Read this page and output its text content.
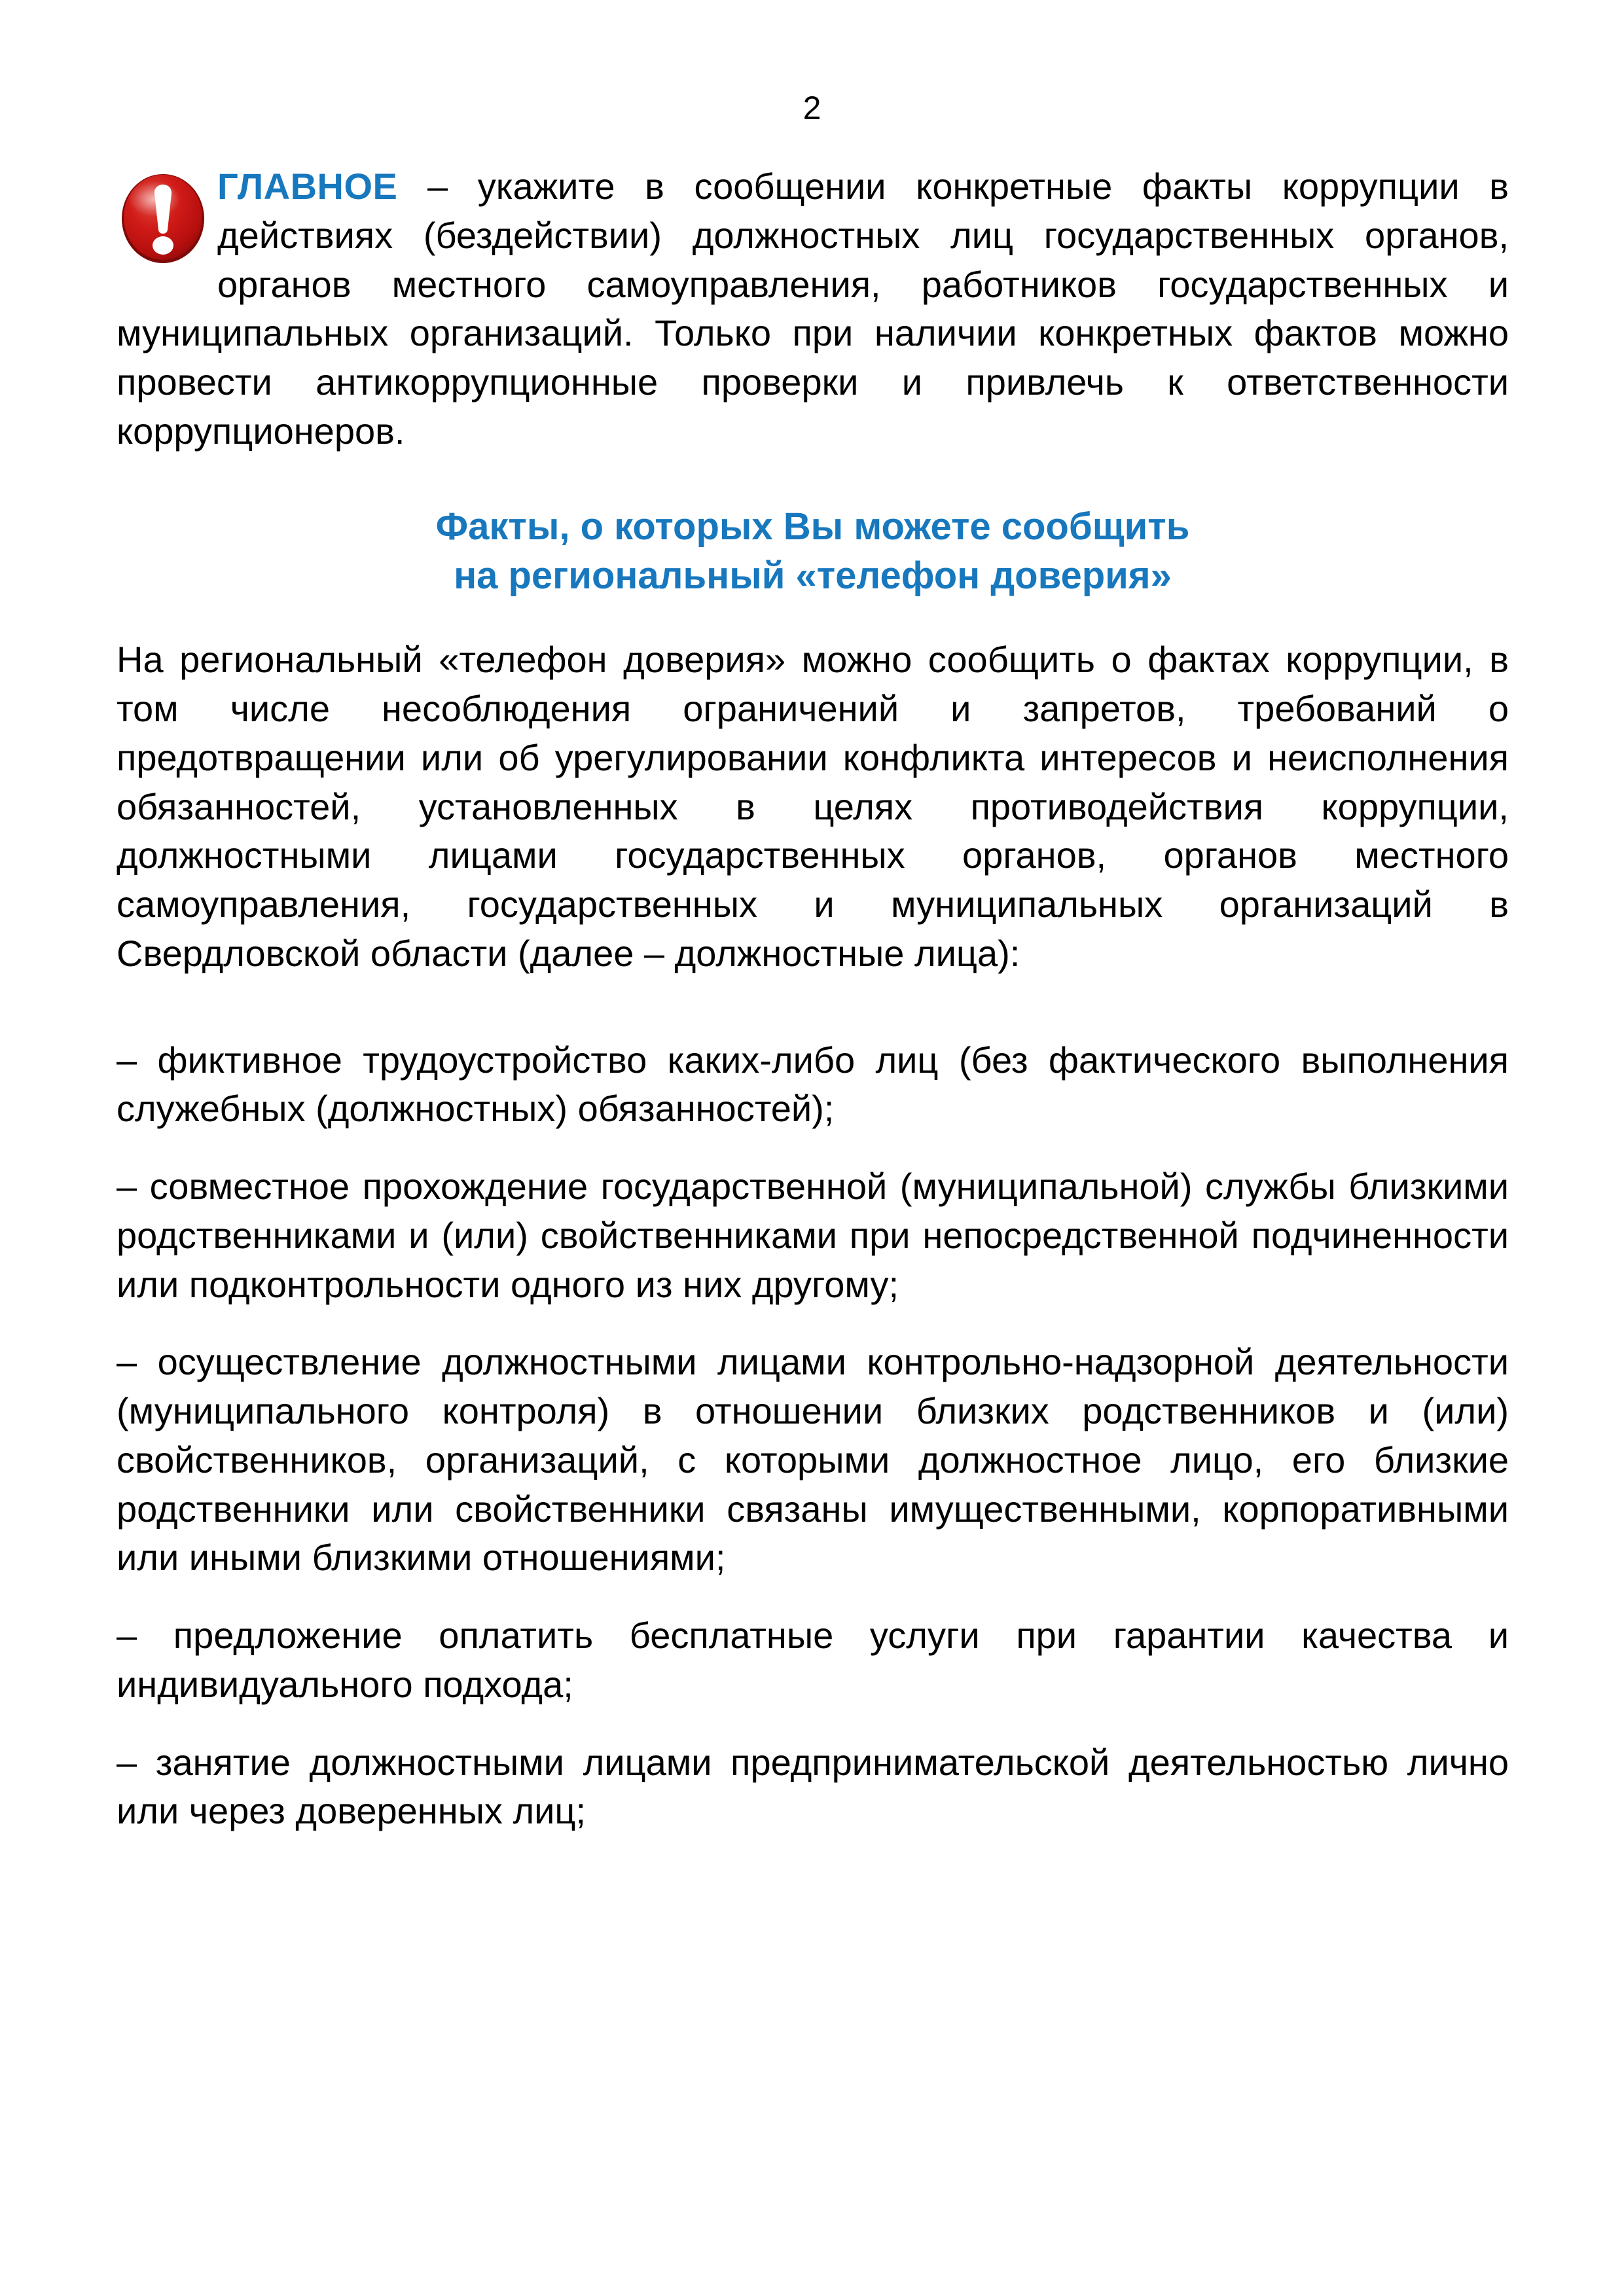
2

ГЛАВНОЕ – укажите в сообщении конкретные факты коррупции в действиях (бездействии) должностных лиц государственных органов, органов местного самоуправления, работников государственных и муниципальных организаций. Только при наличии конкретных фактов можно провести антикоррупционные проверки и привлечь к ответственности коррупционеров.

Факты, о которых Вы можете сообщить
на региональный «телефон доверия»

На региональный «телефон доверия» можно сообщить о фактах коррупции, в том числе несоблюдения ограничений и запретов, требований о предотвращении или об урегулировании конфликта интересов и неисполнения обязанностей, установленных в целях противодействия коррупции, должностными лицами государственных органов, органов местного самоуправления, государственных и муниципальных организаций в Свердловской области (далее – должностные лица):

– фиктивное трудоустройство каких-либо лиц (без фактического выполнения служебных (должностных) обязанностей);

– совместное прохождение государственной (муниципальной) службы близкими родственниками и (или) свойственниками при непосредственной подчиненности или подконтрольности одного из них другому;

– осуществление должностными лицами контрольно-надзорной деятельности (муниципального контроля) в отношении близких родственников и (или) свойственников, организаций, с которыми должностное лицо, его близкие родственники или свойственники связаны имущественными, корпоративными или иными близкими отношениями;

– предложение оплатить бесплатные услуги при гарантии качества и индивидуального подхода;

– занятие должностными лицами предпринимательской деятельностью лично или через доверенных лиц;
